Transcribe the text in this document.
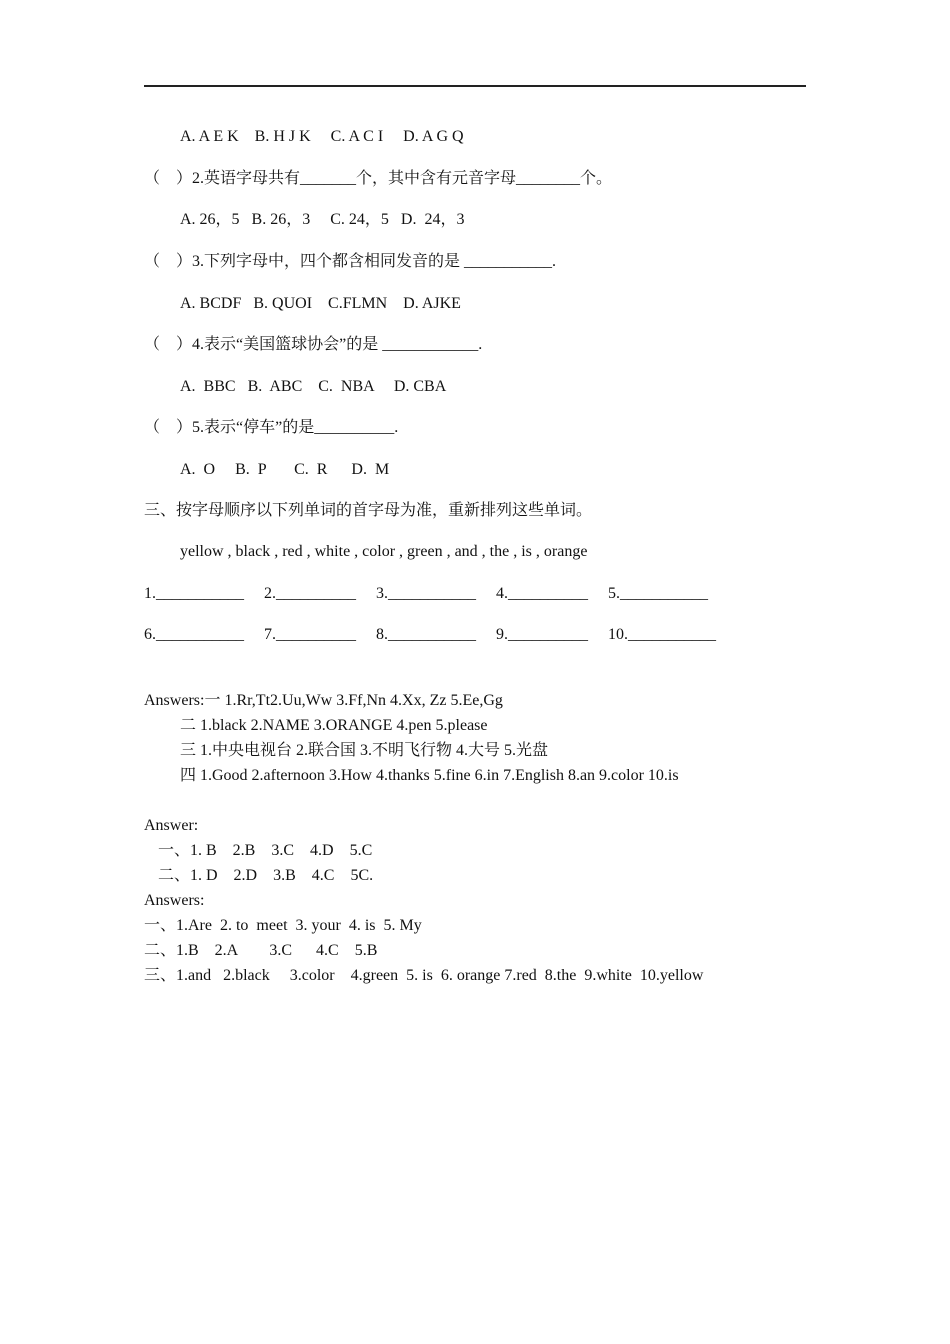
A. A E K    B. H J K     C. A C I     D. A G Q
（    ）2.英语字母共有_______个，其中含有元音字母________个。
A. 26，5   B. 26，3     C. 24，5   D.  24，3
（    ）3.下列字母中，四个都含相同发音的是 ___________.
A. BCDF   B. QUOI    C.FLMN    D. AJKE
（    ）4.表示“美国篮球协会”的是 ____________.
A.  BBC   B.  ABC    C.  NBA     D. CBA
（    ）5.表示“停车”的是__________.
A.  O     B.  P       C.  R      D.  M
三、按字母顺序以下列单词的首字母为准，重新排列这些单词。
yellow , black , red , white , color , green , and , the , is , orange
1.___________     2.__________     3.___________     4.__________     5.___________
6.___________     7.__________     8.___________     9.__________     10.___________
Answers:一 1.Rr,Tt2.Uu,Ww 3.Ff,Nn 4.Xx, Zz 5.Ee,Gg
二 1.black 2.NAME 3.ORANGE 4.pen 5.please
三 1.中央电视台 2.联合国 3.不明飞行物 4.大号 5.光盘
四 1.Good 2.afternoon 3.How 4.thanks 5.fine 6.in 7.English 8.an 9.color 10.is
Answer:
一、1. B    2.B    3.C    4.D    5.C
二、1. D    2.D    3.B    4.C    5C.
Answers:
一、1.Are  2. to  meet  3. your  4. is  5. My
二、1.B    2.A        3.C      4.C    5.B
三、1.and   2.black     3.color    4.green  5. is  6. orange 7.red  8.the  9.white  10.yellow
